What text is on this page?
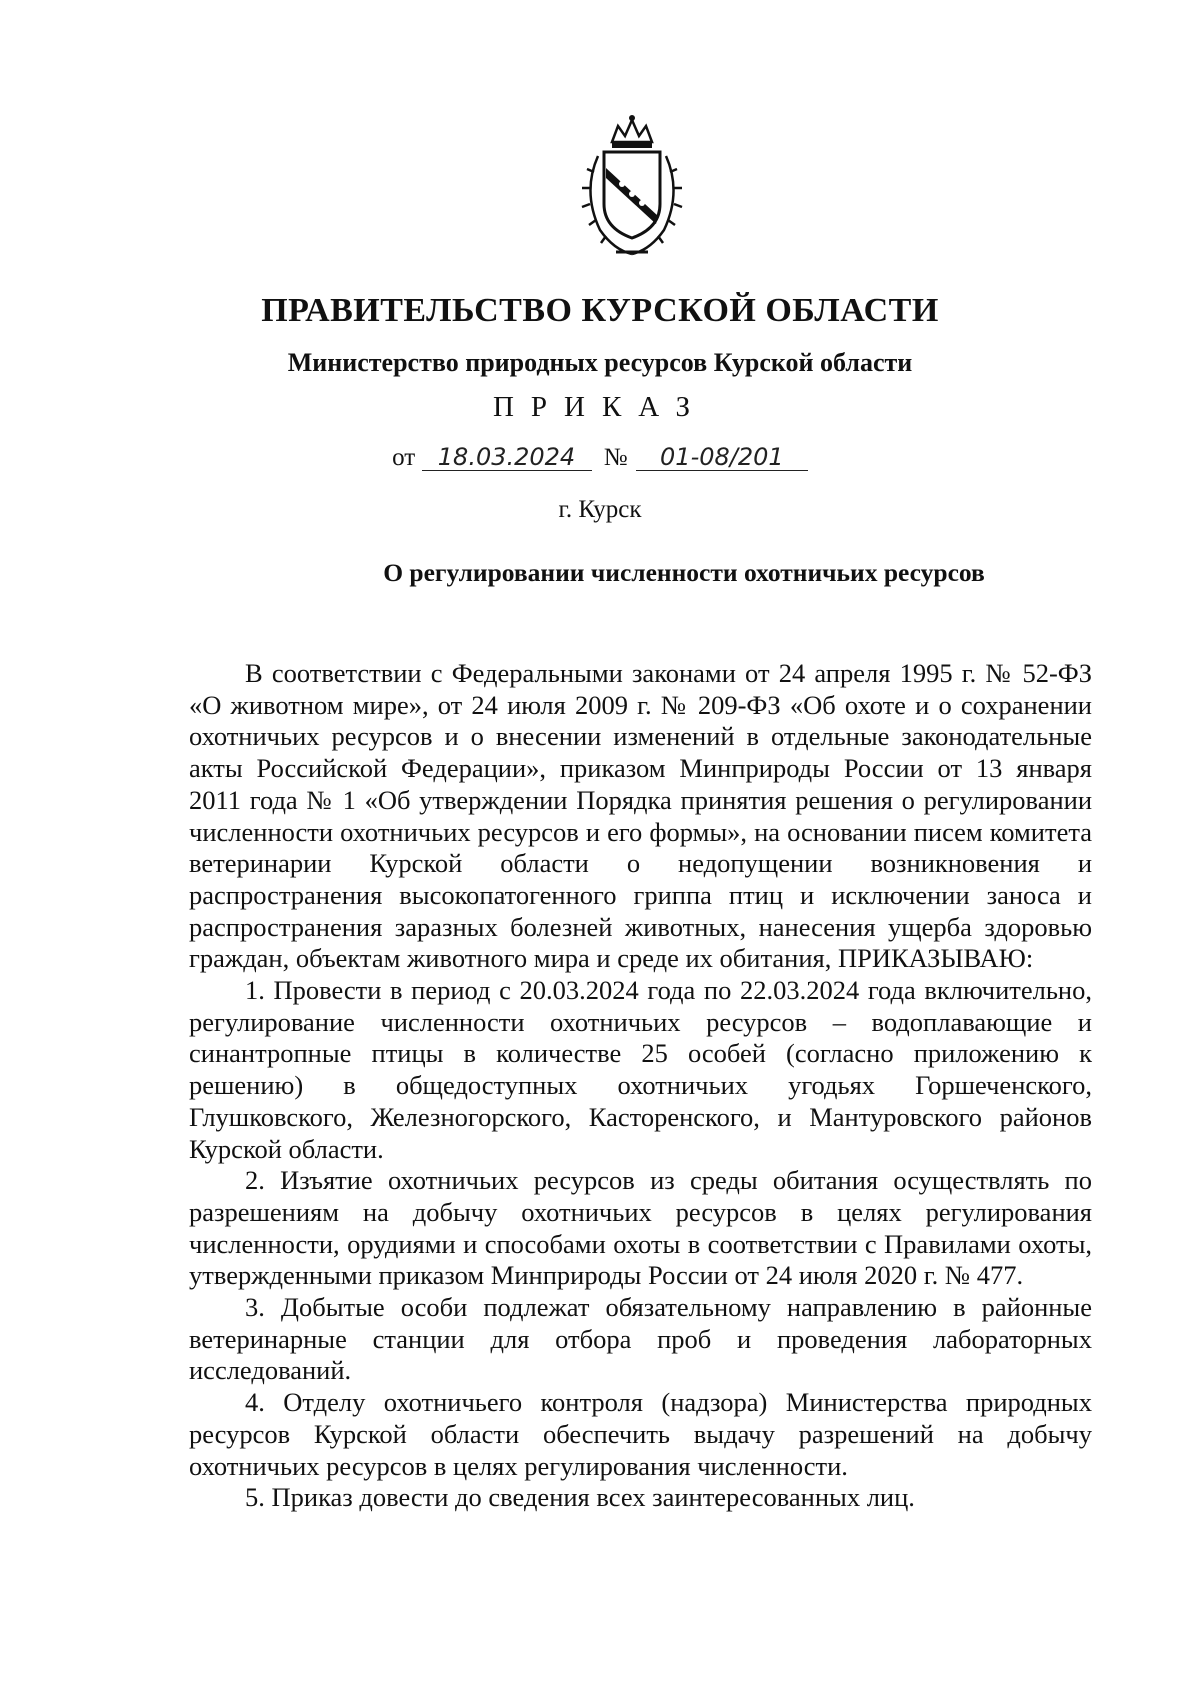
ПРАВИТЕЛЬСТВО КУРСКОЙ ОБЛАСТИ
Министерство природных ресурсов Курской области
ПРИКАЗ
от 18.03.2024 № 01-08/201
г. Курск
О регулировании численности охотничьих ресурсов

В соответствии с Федеральными законами от 24 апреля 1995 г. № 52-ФЗ «О животном мире», от 24 июля 2009 г. № 209-ФЗ «Об охоте и о сохранении охотничьих ресурсов и о внесении изменений в отдельные законодательные акты Российской Федерации», приказом Минприроды России от 13 января 2011 года № 1 «Об утверждении Порядка принятия решения о регулировании численности охотничьих ресурсов и его формы», на основании писем комитета ветеринарии Курской области о недопущении возникновения и распространения высокопатогенного гриппа птиц и исключении заноса и распространения заразных болезней животных, нанесения ущерба здоровью граждан, объектам животного мира и среде их обитания, ПРИКАЗЫВАЮ:

1. Провести в период с 20.03.2024 года по 22.03.2024 года включительно, регулирование численности охотничьих ресурсов – водоплавающие и синантропные птицы в количестве 25 особей (согласно приложению к решению) в общедоступных охотничьих угодьях Горшеченского, Глушковского, Железногорского, Касторенского, и Мантуровского районов Курской области.

2. Изъятие охотничьих ресурсов из среды обитания осуществлять по разрешениям на добычу охотничьих ресурсов в целях регулирования численности, орудиями и способами охоты в соответствии с Правилами охоты, утвержденными приказом Минприроды России от 24 июля 2020 г. № 477.

3. Добытые особи подлежат обязательному направлению в районные ветеринарные станции для отбора проб и проведения лабораторных исследований.

4. Отделу охотничьего контроля (надзора) Министерства природных ресурсов Курской области обеспечить выдачу разрешений на добычу охотничьих ресурсов в целях регулирования численности.

5. Приказ довести до сведения всех заинтересованных лиц.
